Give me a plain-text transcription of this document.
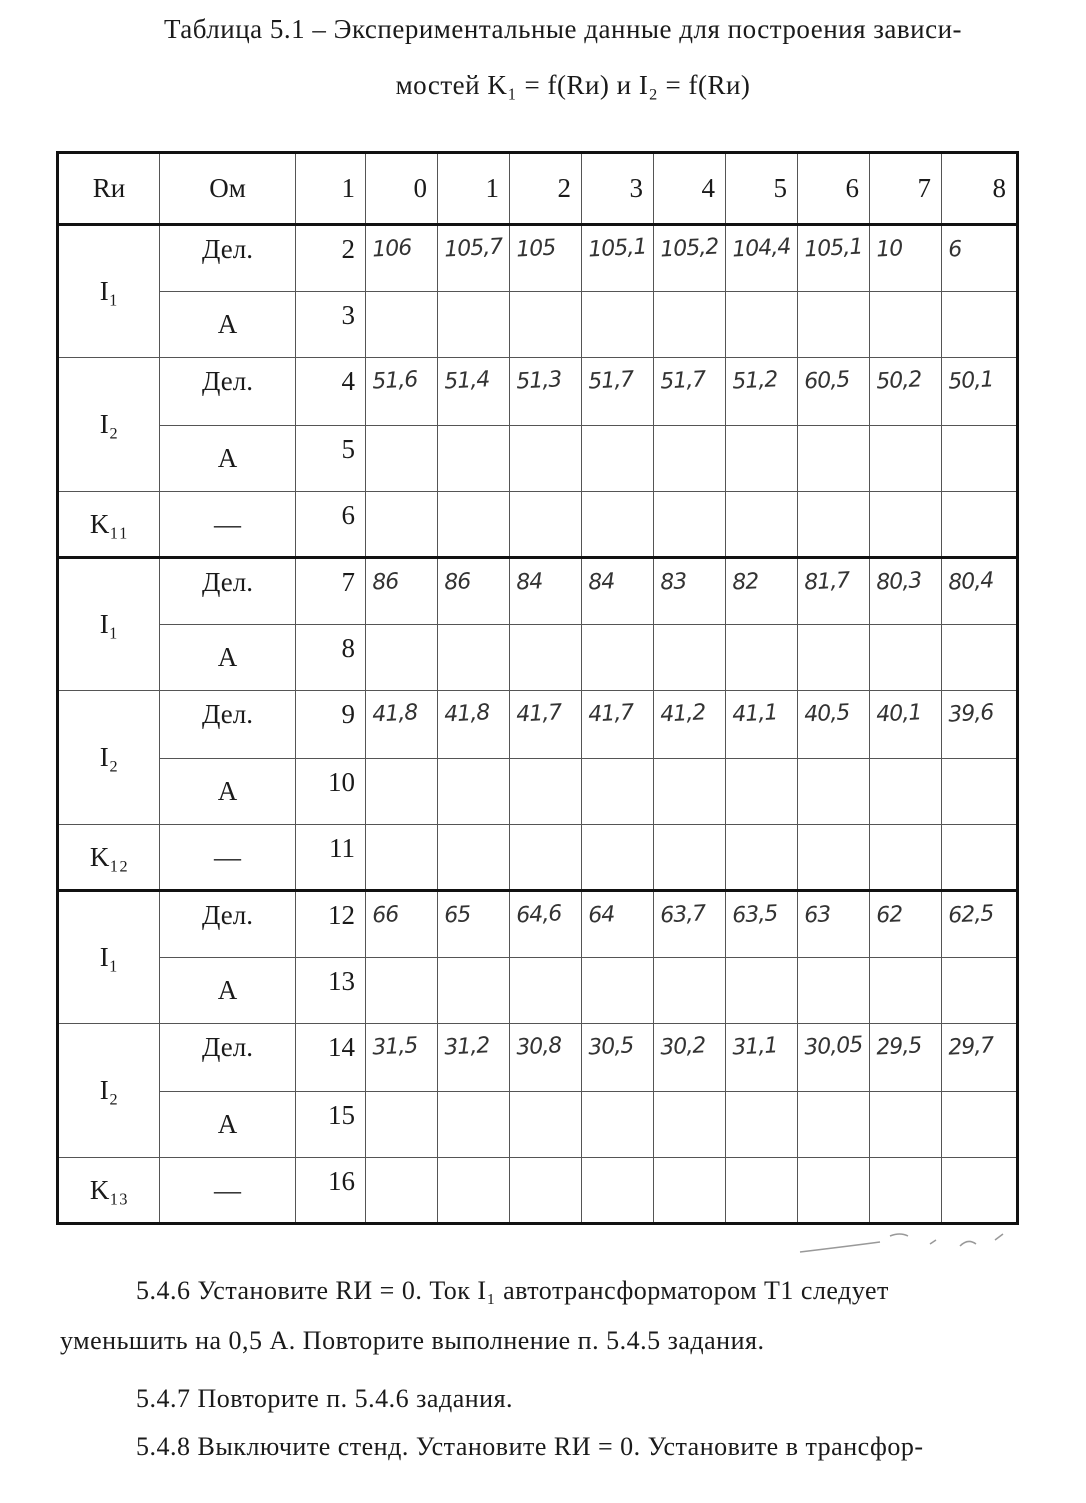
Таблица 5.1 – Экспериментальные данные для построения зависи-
мостей K₁ = f(Rи) и I₂ = f(Rи)
Rи	Ом	1	0	1	2	3	4	5	6	7	8
I₁	Дел.	2	106	105,7	105	105,1	105,2	104,4	105,1	10	6

	А	3	

I₂	Дел.	4	51,6	51,4	51,3	51,7	51,7	51,2	60,5	50,2	50,1

	А	5	

K₁₁	—	6	

I₁	Дел.	7	86	86	84	84	83	82	81,7	80,3	80,4

	А	8	

I₂	Дел.	9	41,8	41,8	41,7	41,7	41,2	41,1	40,5	40,1	39,6

	А	10	

K₁₂	—	11	

I₁	Дел.	12	66	65	64,6	64	63,7	63,5	63	62	62,5

	А	13	

I₂	Дел.	14	31,5	31,2	30,8	30,5	30,2	31,1	30,05	29,5	29,7

	А	15	

K₁₃	—	16	

5.4.6 Установите RИ = 0. Ток I₁ автотрансформатором Т1 следует
уменьшить на 0,5 А. Повторите выполнение п. 5.4.5 задания.
5.4.7 Повторите п. 5.4.6 задания.
5.4.8 Выключите стенд. Установите RИ = 0. Установите в трансфор-
